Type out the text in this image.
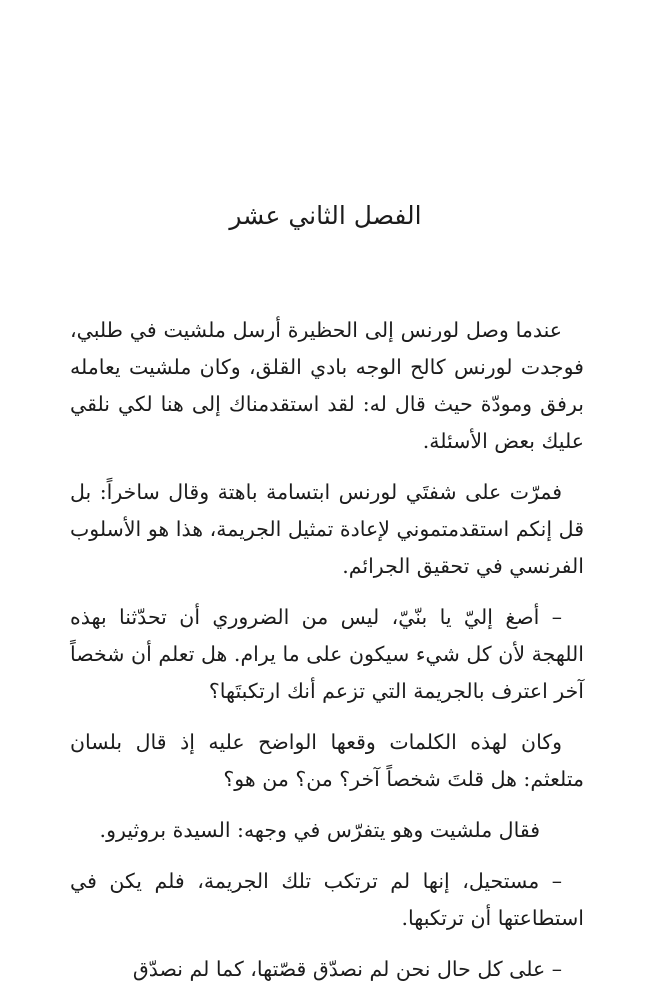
الفصل الثاني عشر

عندما وصل لورنس إلى الحظيرة أرسل ملشيت في طلبي، فوجدت لورنس كالح الوجه بادي القلق، وكان ملشيت يعامله برفق ومودّة حيث قال له: لقد استقدمناك إلى هنا لكي نلقي عليك بعض الأسئلة.

فمرّت على شفتَي لورنس ابتسامة باهتة وقال ساخراً: بل قل إنكم استقدمتموني لإعادة تمثيل الجريمة، هذا هو الأسلوب الفرنسي في تحقيق الجرائم.

– أصغ إليّ يا بنّيّ، ليس من الضروري أن تحدّثنا بهذه اللهجة لأن كل شيء سيكون على ما يرام. هل تعلم أن شخصاً آخر اعترف بالجريمة التي تزعم أنك ارتكبتَها؟

وكان لهذه الكلمات وقعها الواضح عليه إذ قال بلسان متلعثم: هل قلتَ شخصاً آخر؟ من؟ من هو؟

فقال ملشيت وهو يتفرّس في وجهه: السيدة بروثيرو.

– مستحيل، إنها لم ترتكب تلك الجريمة، فلم يكن في استطاعتها أن ترتكبها.

– على كل حال نحن لم نصدّق قصّتها، كما لم نصدّق
